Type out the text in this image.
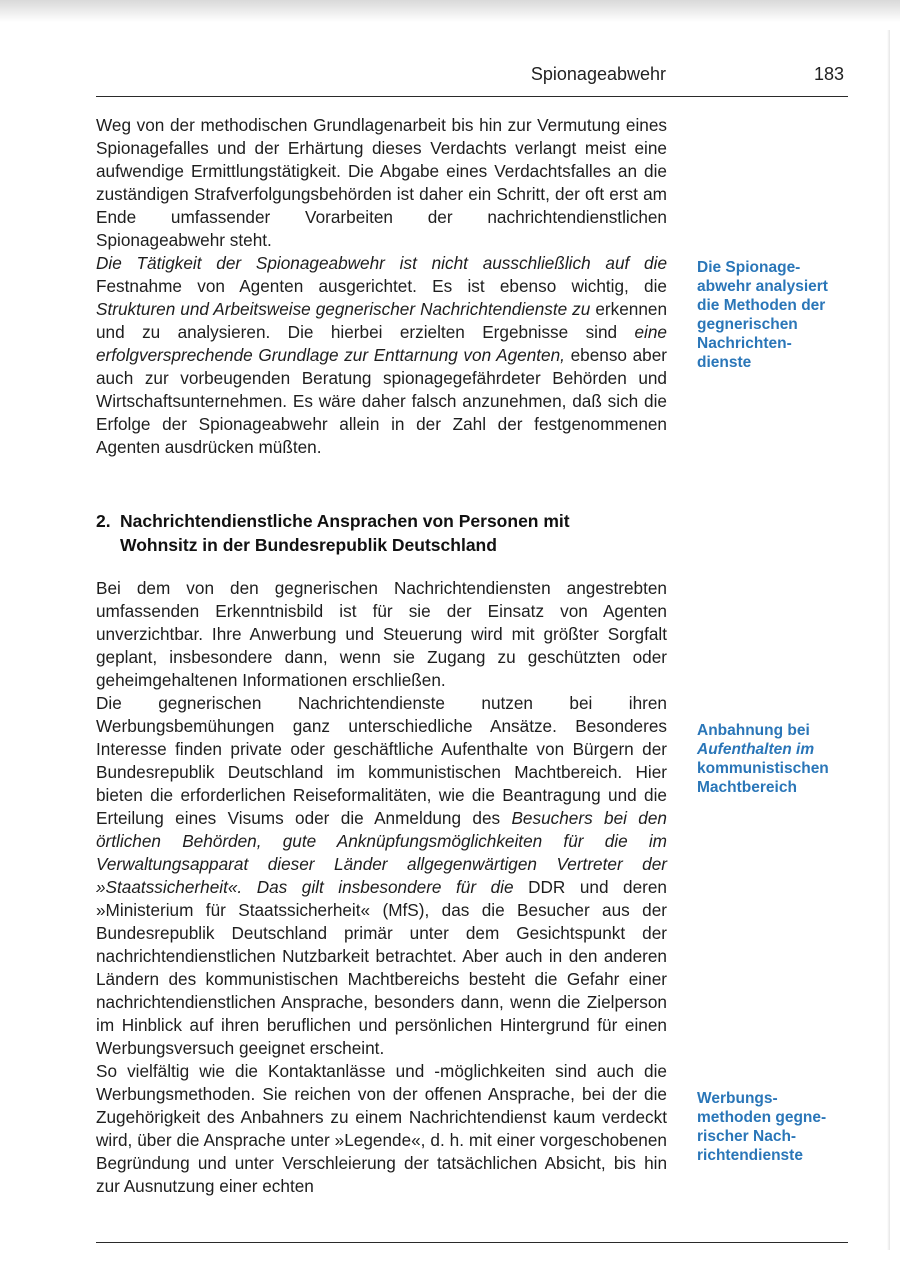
Spionageabwehr	183

Weg von der methodischen Grundlagenarbeit bis hin zur Vermutung eines Spionagefalles und der Erhärtung dieses Verdachts verlangt meist eine aufwendige Ermittlungstätigkeit. Die Abgabe eines Verdachtsfalles an die zuständigen Strafverfolgungsbehörden ist daher ein Schritt, der oft erst am Ende umfassender Vorarbeiten der nachrichtendienstlichen Spionageabwehr steht.

Die Tätigkeit der Spionageabwehr ist nicht ausschließlich auf die Festnahme von Agenten ausgerichtet. Es ist ebenso wichtig, die Strukturen und Arbeitsweise gegnerischer Nachrichtendienste zu erkennen und zu analysieren. Die hierbei erzielten Ergebnisse sind eine erfolgversprechende Grundlage zur Enttarnung von Agenten, ebenso aber auch zur vorbeugenden Beratung spionagegefährdeter Behörden und Wirtschaftsunternehmen. Es wäre daher falsch anzunehmen, daß sich die Erfolge der Spionageabwehr allein in der Zahl der festgenommenen Agenten ausdrücken müßten.

Die Spionage-
abwehr analysiert
die Methoden der
gegnerischen
Nachrichten-
dienste
2. Nachrichtendienstliche Ansprachen von Personen mit
Wohnsitz in der Bundesrepublik Deutschland

Bei dem von den gegnerischen Nachrichtendiensten angestrebten umfassenden Erkenntnisbild ist für sie der Einsatz von Agenten unverzichtbar. Ihre Anwerbung und Steuerung wird mit größter Sorgfalt geplant, insbesondere dann, wenn sie Zugang zu geschützten oder geheimgehaltenen Informationen erschließen.

Die gegnerischen Nachrichtendienste nutzen bei ihren Werbungsbemühungen ganz unterschiedliche Ansätze. Besonderes Interesse finden private oder geschäftliche Aufenthalte von Bürgern der Bundesrepublik Deutschland im kommunistischen Machtbereich. Hier bieten die erforderlichen Reiseformalitäten, wie die Beantragung und die Erteilung eines Visums oder die Anmeldung des Besuchers bei den örtlichen Behörden, gute Anknüpfungsmöglichkeiten für die im Verwaltungsapparat dieser Länder allgegenwärtigen Vertreter der »Staatssicherheit«. Das gilt insbesondere für die DDR und deren »Ministerium für Staatssicherheit« (MfS), das die Besucher aus der Bundesrepublik Deutschland primär unter dem Gesichtspunkt der nachrichtendienstlichen Nutzbarkeit betrachtet. Aber auch in den anderen Ländern des kommunistischen Machtbereichs besteht die Gefahr einer nachrichtendienstlichen Ansprache, besonders dann, wenn die Zielperson im Hinblick auf ihren beruflichen und persönlichen Hintergrund für einen Werbungsversuch geeignet erscheint.

So vielfältig wie die Kontaktanlässe und -möglichkeiten sind auch die Werbungsmethoden. Sie reichen von der offenen Ansprache, bei der die Zugehörigkeit des Anbahners zu einem Nachrichtendienst kaum verdeckt wird, über die Ansprache unter »Legende«, d. h. mit einer vorgeschobenen Begründung und unter Verschleierung der tatsächlichen Absicht, bis hin zur Ausnutzung einer echten

Anbahnung bei
Aufenthalten im
kommunistischen
Machtbereich
Werbungs-
methoden gegne-
rischer Nach-
richtendienste
